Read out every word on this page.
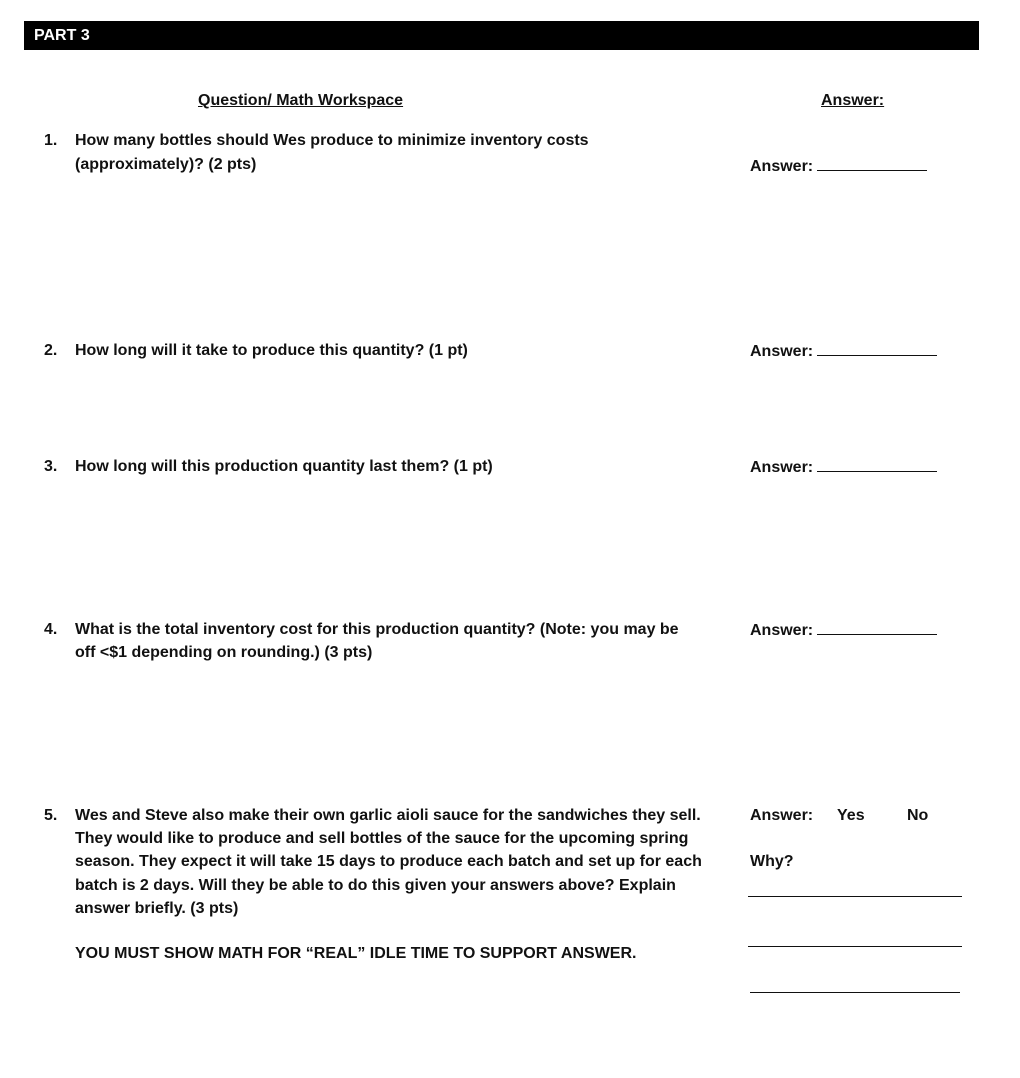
PART 3
Question/ Math Workspace	Answer:
1. How many bottles should Wes produce to minimize inventory costs
(approximately)? (2 pts)	Answer:
2. How long will it take to produce this quantity? (1 pt)	Answer:
3. How long will this production quantity last them? (1 pt)	Answer:
4. What is the total inventory cost for this production quantity? (Note: you may be
off <$1 depending on rounding.) (3 pts)
Answer:
5. Wes and Steve also make their own garlic aioli sauce for the sandwiches they sell.
They would like to produce and sell bottles of the sauce for the upcoming spring
season. They expect it will take 15 days to produce each batch and set up for each
batch is 2 days. Will they be able to do this given your answers above? Explain
answer briefly. (3 pts)
Answer: Yes	No
Why?
YOU MUST SHOW MATH FOR “REAL” IDLE TIME TO SUPPORT ANSWER.
